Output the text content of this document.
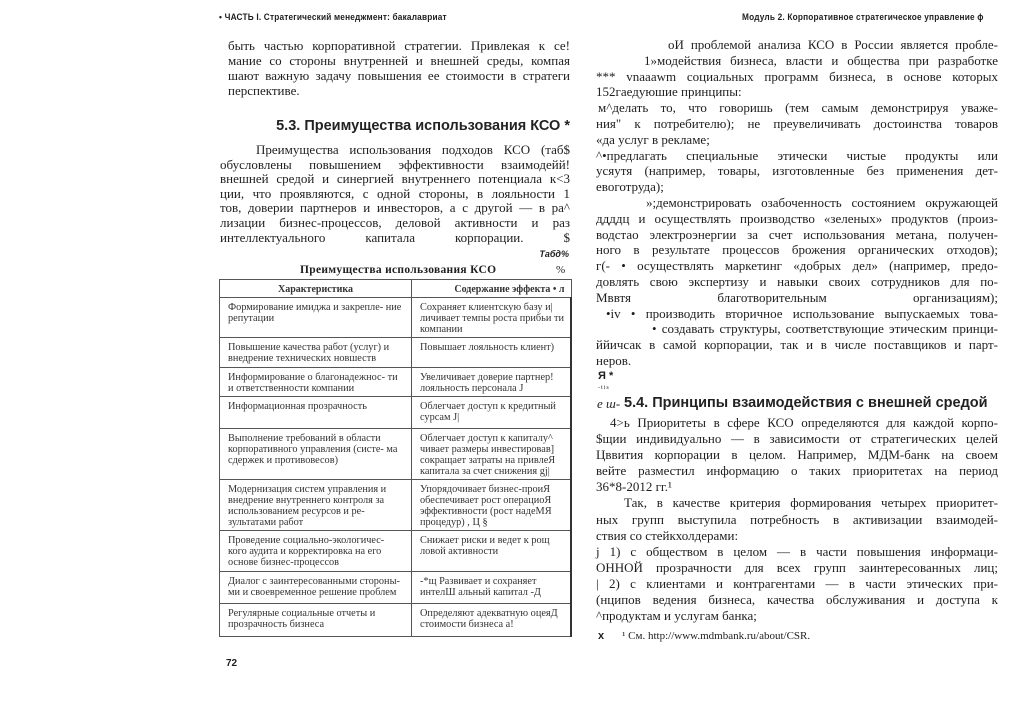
• ЧАСТЬ I. Стратегический менеджмент: бакалавриат
быть частью корпоративной стратегии. Привлекая к се!
мание со стороны внутренней и внешней среды, компая
шают важную задачу повышения ее стоимости в стратеги
перспективе.
5.3. Преимущества использования КСО *
Преимущества использования подходов КСО (таб$
обусловлены повышением эффективности взаимодейй!
внешней средой и синергией внутреннего потенциала к<3
ции, что проявляются, с одной стороны, в лояльности 1
тов, доверии партнеров и инвесторов, а с другой — в ра^
лизации бизнес-процессов, деловой активности и раз
интеллектуального капитала корпорации. $
Табд%
Преимущества использования КСО	%
Характеристика	Содержание эффекта • л
Формирование имиджа и закрепле- ние репутации	Сохраняет клиентскую базу и| личивает темпы роста прибьи ти компании
Повышение качества работ (услуг) и внедрение технических новшеств	Повышает лояльность клиент)
Информирование о благонадежнос- ти и ответственности компании	Увеличивает доверие партнер! лояльность персонала J
Информационная прозрачность	Облегчает доступ к кредитный сурсам J|
Выполнение требований в области корпоративного управления (систе- ма сдержек и противовесов)	Облегчает доступ к капиталу^ чивает размеры инвестировав] сокращает затраты на привлеЯ капитала за счет снижения gj|
Модернизация систем управления и внедрение внутреннего контроля за использованием ресурсов и ре- зультатами работ	Упорядочивает бизнес-проиЯ обеспечивает рост операциоЯ эффективности (рост надеМЯ процедур) , Ц §
Проведение социально-экологичес- кого аудита и корректировка на его основе бизнес-процессов	Снижает риски и ведет к рощ ловой активности
Диалог с заинтересованными стороны- ми и своевременное решение проблем	-*щ Развивает и сохраняет интелШ альный капитал -Д
Регулярные социальные отчеты и прозрачность бизнеса	Определяют адекватную оцеяД стоимости бизнеса а!
72
Модуль 2. Корпоративное стратегическое управление ϕ
оИ проблемой анализа КСО в России является пробле-
1»модействия бизнеса, власти и общества при разработке
*** vnaaawm социальных программ бизнеса, в основе которых
152гаедуюшие принципы:
м^делать то, что говоришь (тем самым демонстрируя уваже-
ния" к потребителю); не преувеличивать достоинства товаров
«да услуг в рекламе;
^•предлагать специальные этически чистые продукты или
усяутя (например, товары, изготовленные без применения дет-
евоготруда);
»;демонстрировать озабоченность состоянием окружающей
ддддц и осуществлять производство «зеленых» продуктов (произ-
водстао электроэнергии за счет использования метана, получен-
ного в результате процессов брожения органических отходов);
г(- • осуществлять маркетинг «добрых дел» (например, предо-
довлять свою экспертизу и навыки своих сотрудников для по-
Мввтя благотворительным организациям);
•iv • производить вторичное использование выпускаемых това-
• создавать структуры, соответствующие этическим принци-
ййичсак в самой корпорации, так и в числе поставщиков и парт-
неров.
Я *
-tis
е ш- 5.4. Принципы взаимодействия с внешней средой
4>ь Приоритеты в сфере КСО определяются для каждой корпо-
$щии индивидуально — в зависимости от стратегических целей
Цввития корпорации в целом. Например, МДМ-банк на своем
вейте разместил информацию о таких приоритетах на период
36*8-2012 гг.¹
Так, в качестве критерия формирования четырех приоритет-
ных групп выступила потребность в активизации взаимодей-
ствия со стейкхолдерами:
j 1) с обществом в целом — в части повышения информаци-
ОННОЙ прозрачности для всех групп заинтересованных лиц;
| 2) с клиентами и контрагентами — в части этических при-
(нципов ведения бизнеса, качества обслуживания и доступа к
^продуктам и услугам банка;
x ¹ См. http://www.mdmbank.ru/about/CSR.
